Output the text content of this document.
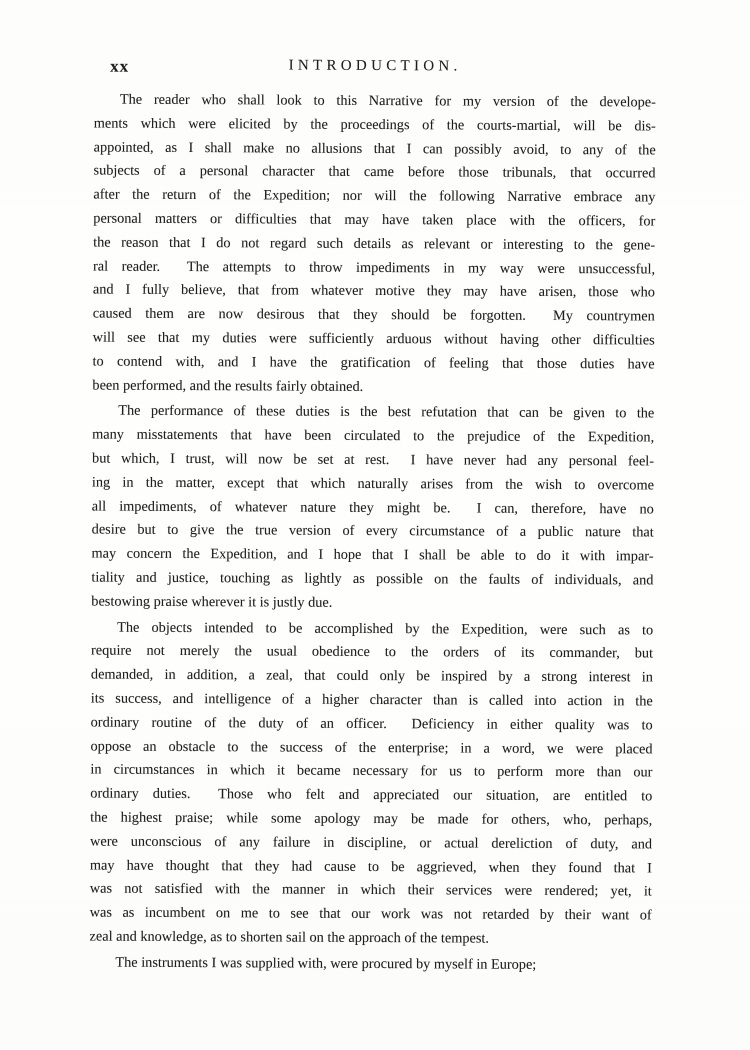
xx	INTRODUCTION.

The reader who shall look to this Narrative for my version of the develope-
ments which were elicited by the proceedings of the courts-martial, will be dis-
appointed, as I shall make no allusions that I can possibly avoid, to any of the
subjects of a personal character that came before those tribunals, that occurred
after the return of the Expedition; nor will the following Narrative embrace any
personal matters or difficulties that may have taken place with the officers, for
the reason that I do not regard such details as relevant or interesting to the gene-
ral reader.  The attempts to throw impediments in my way were unsuccessful,
and I fully believe, that from whatever motive they may have arisen, those who
caused them are now desirous that they should be forgotten.  My countrymen
will see that my duties were sufficiently arduous without having other difficulties
to contend with, and I have the gratification of feeling that those duties have
been performed, and the results fairly obtained.

The performance of these duties is the best refutation that can be given to the
many misstatements that have been circulated to the prejudice of the Expedition,
but which, I trust, will now be set at rest.  I have never had any personal feel-
ing in the matter, except that which naturally arises from the wish to overcome
all impediments, of whatever nature they might be.  I can, therefore, have no
desire but to give the true version of every circumstance of a public nature that
may concern the Expedition, and I hope that I shall be able to do it with impar-
tiality and justice, touching as lightly as possible on the faults of individuals, and
bestowing praise wherever it is justly due.

The objects intended to be accomplished by the Expedition, were such as to
require not merely the usual obedience to the orders of its commander, but
demanded, in addition, a zeal, that could only be inspired by a strong interest in
its success, and intelligence of a higher character than is called into action in the
ordinary routine of the duty of an officer.  Deficiency in either quality was to
oppose an obstacle to the success of the enterprise; in a word, we were placed
in circumstances in which it became necessary for us to perform more than our
ordinary duties.  Those who felt and appreciated our situation, are entitled to
the highest praise; while some apology may be made for others, who, perhaps,
were unconscious of any failure in discipline, or actual dereliction of duty, and
may have thought that they had cause to be aggrieved, when they found that I
was not satisfied with the manner in which their services were rendered; yet, it
was as incumbent on me to see that our work was not retarded by their want of
zeal and knowledge, as to shorten sail on the approach of the tempest.

The instruments I was supplied with, were procured by myself in Europe;
